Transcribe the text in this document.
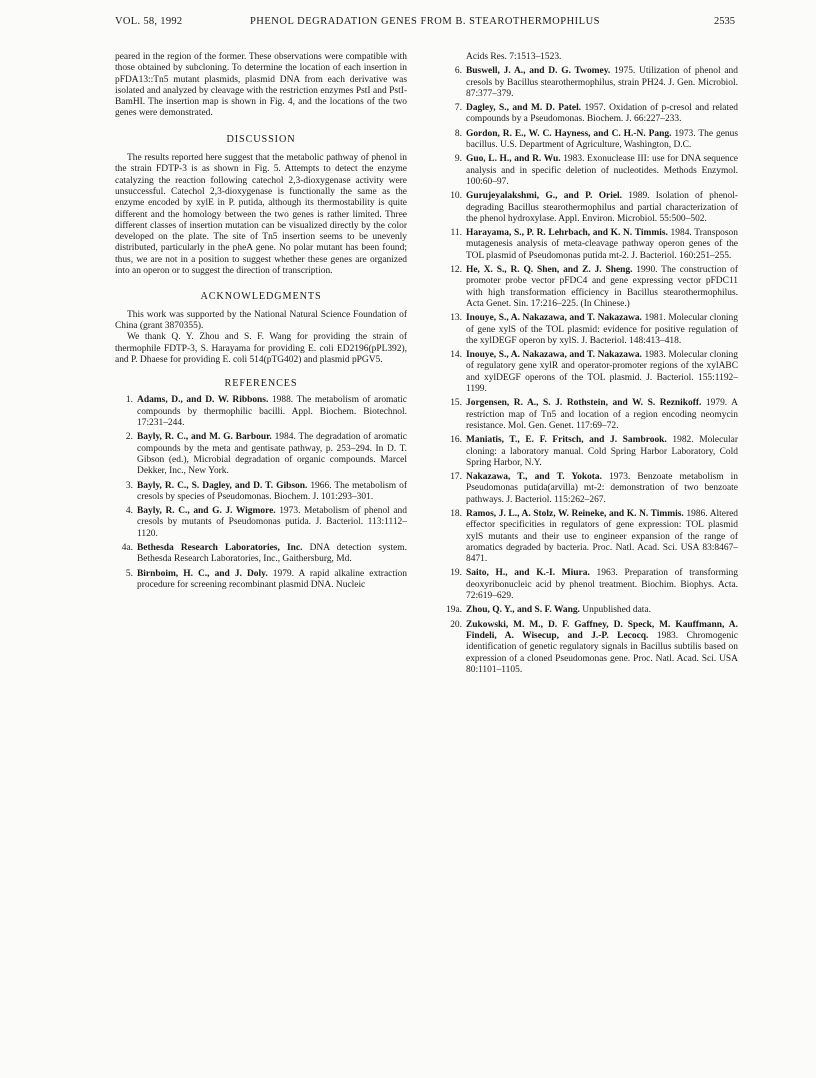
VOL. 58, 1992	PHENOL DEGRADATION GENES FROM B. STEAROTHERMOPHILUS	2535

peared in the region of the former. These observations were compatible with those obtained by subcloning. To determine the location of each insertion in pFDA13::Tn5 mutant plasmids, plasmid DNA from each derivative was isolated and analyzed by cleavage with the restriction enzymes PstI and PstI-BamHI. The insertion map is shown in Fig. 4, and the locations of the two genes were demonstrated.

DISCUSSION

The results reported here suggest that the metabolic pathway of phenol in the strain FDTP-3 is as shown in Fig. 5. Attempts to detect the enzyme catalyzing the reaction following catechol 2,3-dioxygenase activity were unsuccessful. Catechol 2,3-dioxygenase is functionally the same as the enzyme encoded by xylE in P. putida, although its thermostability is quite different and the homology between the two genes is rather limited. Three different classes of insertion mutation can be visualized directly by the color developed on the plate. The site of Tn5 insertion seems to be unevenly distributed, particularly in the pheA gene. No polar mutant has been found; thus, we are not in a position to suggest whether these genes are organized into an operon or to suggest the direction of transcription.

ACKNOWLEDGMENTS

This work was supported by the National Natural Science Foundation of China (grant 3870355).

We thank Q. Y. Zhou and S. F. Wang for providing the strain of thermophile FDTP-3, S. Harayama for providing E. coli ED2196(pPL392), and P. Dhaese for providing E. coli 514(pTG402) and plasmid pPGV5.

REFERENCES
1. Adams, D., and D. W. Ribbons. 1988. The metabolism of aromatic compounds by thermophilic bacilli. Appl. Biochem. Biotechnol. 17:231–244.
2. Bayly, R. C., and M. G. Barbour. 1984. The degradation of aromatic compounds by the meta and gentisate pathway, p. 253–294. In D. T. Gibson (ed.), Microbial degradation of organic compounds. Marcel Dekker, Inc., New York.
3. Bayly, R. C., S. Dagley, and D. T. Gibson. 1966. The metabolism of cresols by species of Pseudomonas. Biochem. J. 101:293–301.
4. Bayly, R. C., and G. J. Wigmore. 1973. Metabolism of phenol and cresols by mutants of Pseudomonas putida. J. Bacteriol. 113:1112–1120.
4a. Bethesda Research Laboratories, Inc. DNA detection system. Bethesda Research Laboratories, Inc., Gaithersburg, Md.
5. Birnboim, H. C., and J. Doly. 1979. A rapid alkaline extraction procedure for screening recombinant plasmid DNA. Nucleic
Acids Res. 7:1513–1523.
6. Buswell, J. A., and D. G. Twomey. 1975. Utilization of phenol and cresols by Bacillus stearothermophilus, strain PH24. J. Gen. Microbiol. 87:377–379.
7. Dagley, S., and M. D. Patel. 1957. Oxidation of p-cresol and related compounds by a Pseudomonas. Biochem. J. 66:227–233.
8. Gordon, R. E., W. C. Hayness, and C. H.-N. Pang. 1973. The genus bacillus. U.S. Department of Agriculture, Washington, D.C.
9. Guo, L. H., and R. Wu. 1983. Exonuclease III: use for DNA sequence analysis and in specific deletion of nucleotides. Methods Enzymol. 100:60–97.
10. Gurujeyalakshmi, G., and P. Oriel. 1989. Isolation of phenol-degrading Bacillus stearothermophilus and partial characterization of the phenol hydroxylase. Appl. Environ. Microbiol. 55:500–502.
11. Harayama, S., P. R. Lehrbach, and K. N. Timmis. 1984. Transposon mutagenesis analysis of meta-cleavage pathway operon genes of the TOL plasmid of Pseudomonas putida mt-2. J. Bacteriol. 160:251–255.
12. He, X. S., R. Q. Shen, and Z. J. Sheng. 1990. The construction of promoter probe vector pFDC4 and gene expressing vector pFDC11 with high transformation efficiency in Bacillus stearothermophilus. Acta Genet. Sin. 17:216–225. (In Chinese.)
13. Inouye, S., A. Nakazawa, and T. Nakazawa. 1981. Molecular cloning of gene xylS of the TOL plasmid: evidence for positive regulation of the xylDEGF operon by xylS. J. Bacteriol. 148:413–418.
14. Inouye, S., A. Nakazawa, and T. Nakazawa. 1983. Molecular cloning of regulatory gene xylR and operator-promoter regions of the xylABC and xylDEGF operons of the TOL plasmid. J. Bacteriol. 155:1192–1199.
15. Jorgensen, R. A., S. J. Rothstein, and W. S. Reznikoff. 1979. A restriction map of Tn5 and location of a region encoding neomycin resistance. Mol. Gen. Genet. 117:69–72.
16. Maniatis, T., E. F. Fritsch, and J. Sambrook. 1982. Molecular cloning: a laboratory manual. Cold Spring Harbor Laboratory, Cold Spring Harbor, N.Y.
17. Nakazawa, T., and T. Yokota. 1973. Benzoate metabolism in Pseudomonas putida(arvilla) mt-2: demonstration of two benzoate pathways. J. Bacteriol. 115:262–267.
18. Ramos, J. L., A. Stolz, W. Reineke, and K. N. Timmis. 1986. Altered effector specificities in regulators of gene expression: TOL plasmid xylS mutants and their use to engineer expansion of the range of aromatics degraded by bacteria. Proc. Natl. Acad. Sci. USA 83:8467–8471.
19. Saito, H., and K.-I. Miura. 1963. Preparation of transforming deoxyribonucleic acid by phenol treatment. Biochim. Biophys. Acta. 72:619–629.
19a. Zhou, Q. Y., and S. F. Wang. Unpublished data.
20. Zukowski, M. M., D. F. Gaffney, D. Speck, M. Kauffmann, A. Findeli, A. Wisecup, and J.-P. Lecocq. 1983. Chromogenic identification of genetic regulatory signals in Bacillus subtilis based on expression of a cloned Pseudomonas gene. Proc. Natl. Acad. Sci. USA 80:1101–1105.
